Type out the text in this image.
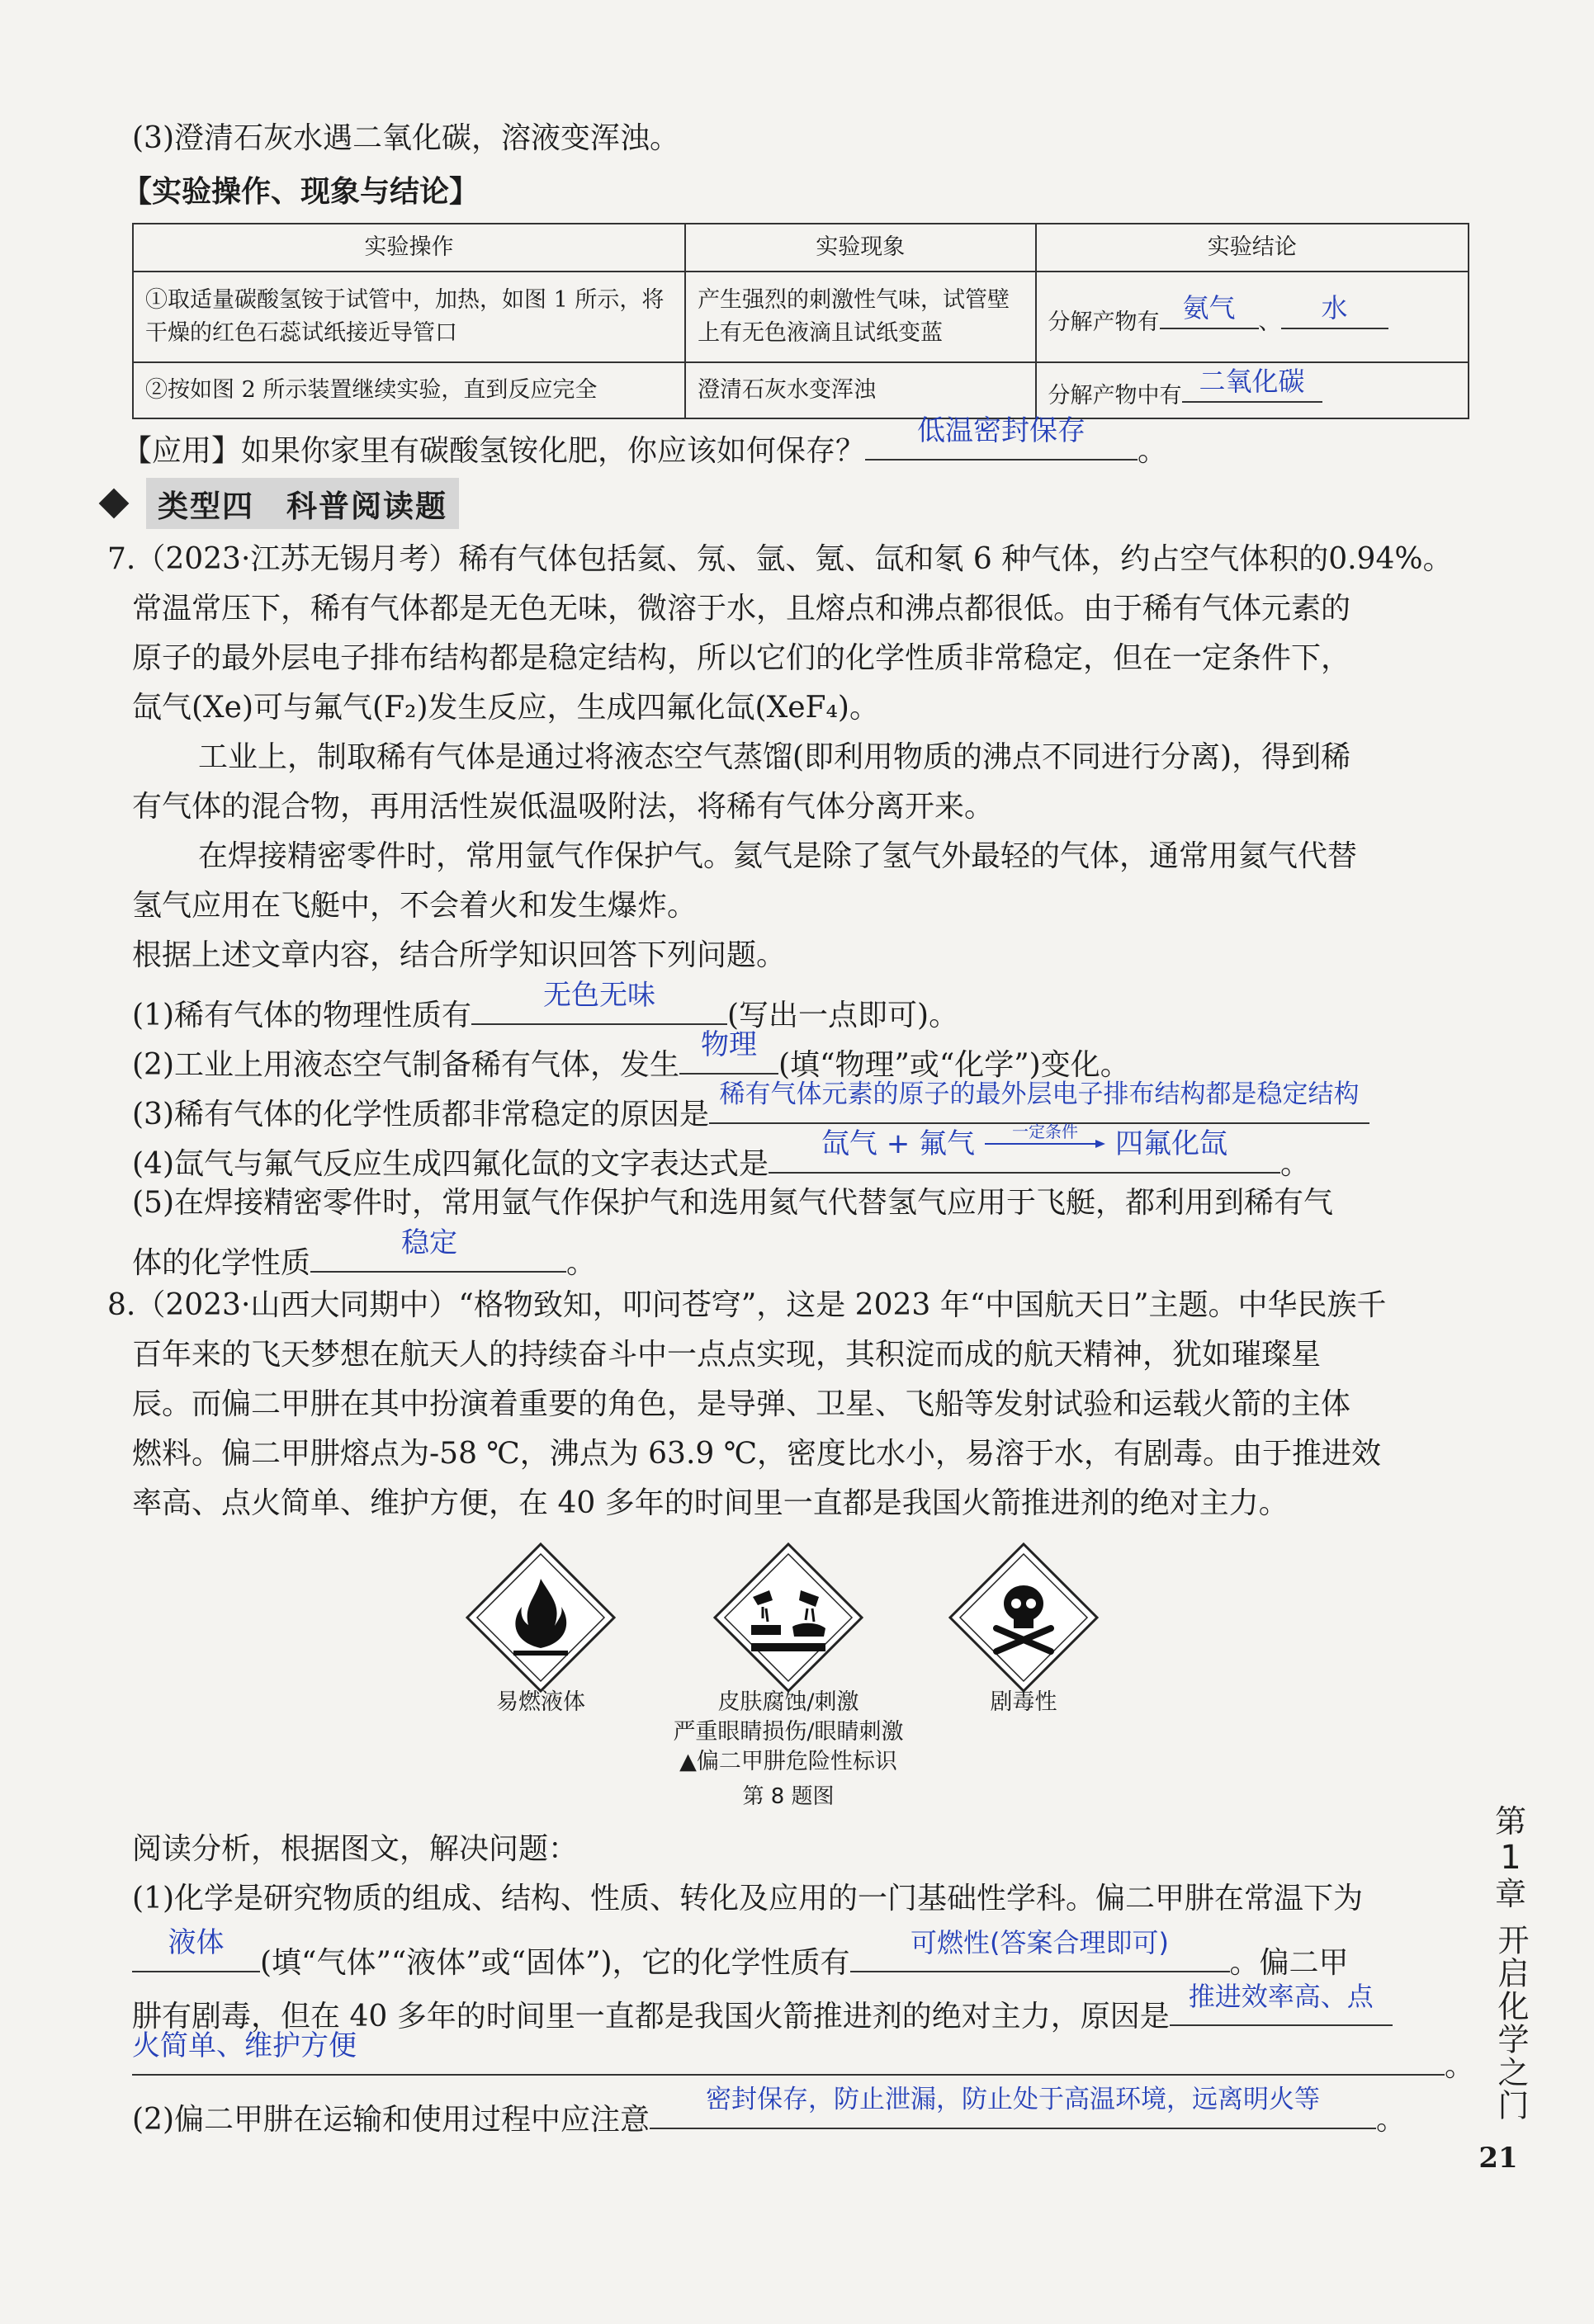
(3)澄清石灰水遇二氧化碳，溶液变浑浊。
【实验操作、现象与结论】
实验操作	实验现象	实验结论
①取适量碳酸氢铵于试管中，加热，如图 1 所示，将干燥的红色石蕊试纸接近导管口	产生强烈的刺激性气味，试管壁上有无色液滴且试纸变蓝	分解产物有 氨气 、 水

②按如图 2 所示装置继续实验，直到反应完全	澄清石灰水变浑浊	分解产物中有 二氧化碳
【应用】如果你家里有碳酸氢铵化肥，你应该如何保存？
低温密封保存
。
类型四　科普阅读题
7.（2023·江苏无锡月考）稀有气体包括氦、氖、氩、氪、氙和氡 6 种气体，约占空气体积的0.94%。
常温常压下，稀有气体都是无色无味，微溶于水，且熔点和沸点都很低。由于稀有气体元素的
原子的最外层电子排布结构都是稳定结构，所以它们的化学性质非常稳定，但在一定条件下，
氙气(Xe)可与氟气(F₂)发生反应，生成四氟化氙(XeF₄)。
工业上，制取稀有气体是通过将液态空气蒸馏(即利用物质的沸点不同进行分离)，得到稀
有气体的混合物，再用活性炭低温吸附法，将稀有气体分离开来。
在焊接精密零件时，常用氩气作保护气。氦气是除了氢气外最轻的气体，通常用氦气代替
氢气应用在飞艇中，不会着火和发生爆炸。
根据上述文章内容，结合所学知识回答下列问题。
(1)稀有气体的物理性质有
无色无味
(写出一点即可)。
(2)工业上用液态空气制备稀有气体，发生
物理
(填“物理”或“化学”)变化。
(3)稀有气体的化学性质都非常稳定的原因是
稀有气体元素的原子的最外层电子排布结构都是稳定结构
(4)氙气与氟气反应生成四氟化氙的文字表达式是
氙气 + 氟气	一定条件	四氟化氙
。
(5)在焊接精密零件时，常用氩气作保护气和选用氦气代替氢气应用于飞艇，都利用到稀有气
体的化学性质
稳定
。
8.（2023·山西大同期中）“格物致知，叩问苍穹”，这是 2023 年“中国航天日”主题。中华民族千
百年来的飞天梦想在航天人的持续奋斗中一点点实现，其积淀而成的航天精神，犹如璀璨星
辰。而偏二甲肼在其中扮演着重要的角色，是导弹、卫星、飞船等发射试验和运载火箭的主体
燃料。偏二甲肼熔点为-58 ℃，沸点为 63.9 ℃，密度比水小，易溶于水，有剧毒。由于推进效
率高、点火简单、维护方便，在 40 多年的时间里一直都是我国火箭推进剂的绝对主力。
易燃液体	皮肤腐蚀/刺激
严重眼睛损伤/眼睛刺激
剧毒性
▲偏二甲肼危险性标识
第 8 题图
阅读分析，根据图文，解决问题：
(1)化学是研究物质的组成、结构、性质、转化及应用的一门基础性学科。偏二甲肼在常温下为
液体
(填“气体”“液体”或“固体”)，它的化学性质有
可燃性(答案合理即可)
。偏二甲
肼有剧毒，但在 40 多年的时间里一直都是我国火箭推进剂的绝对主力，原因是
推进效率高、点
火简单、维护方便
。
(2)偏二甲肼在运输和使用过程中应注意
密封保存，防止泄漏，防止处于高温环境，远离明火等
。
第
1
章
开启化学之门
21
